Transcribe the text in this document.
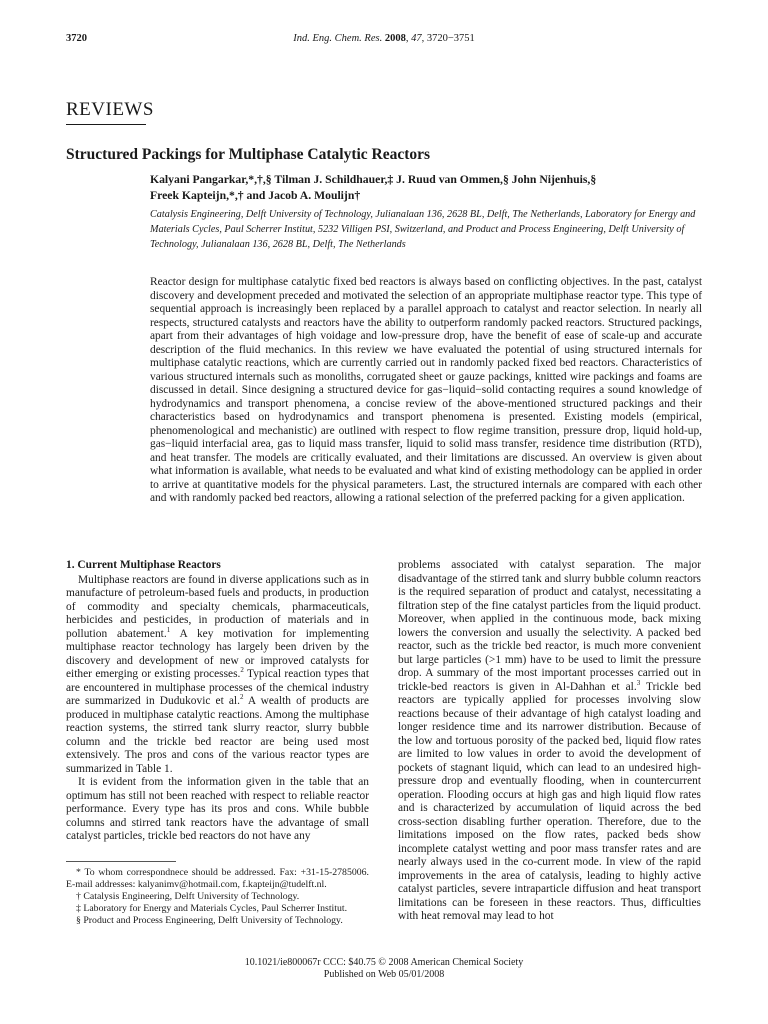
3720	Ind. Eng. Chem. Res. 2008, 47, 3720−3751
REVIEWS
Structured Packings for Multiphase Catalytic Reactors
Kalyani Pangarkar,*,†,§ Tilman J. Schildhauer,‡ J. Ruud van Ommen,§ John Nijenhuis,§
Freek Kapteijn,*,† and Jacob A. Moulijn†
Catalysis Engineering, Delft University of Technology, Julianalaan 136, 2628 BL, Delft, The Netherlands, Laboratory for Energy and Materials Cycles, Paul Scherrer Institut, 5232 Villigen PSI, Switzerland, and Product and Process Engineering, Delft University of Technology, Julianalaan 136, 2628 BL, Delft, The Netherlands
Reactor design for multiphase catalytic fixed bed reactors is always based on conflicting objectives. In the past, catalyst discovery and development preceded and motivated the selection of an appropriate multiphase reactor type. This type of sequential approach is increasingly been replaced by a parallel approach to catalyst and reactor selection. In nearly all respects, structured catalysts and reactors have the ability to outperform randomly packed reactors. Structured packings, apart from their advantages of high voidage and low-pressure drop, have the benefit of ease of scale-up and accurate description of the fluid mechanics. In this review we have evaluated the potential of using structured internals for multiphase catalytic reactions, which are currently carried out in randomly packed fixed bed reactors. Characteristics of various structured internals such as monoliths, corrugated sheet or gauze packings, knitted wire packings and foams are discussed in detail. Since designing a structured device for gas−liquid−solid contacting requires a sound knowledge of hydrodynamics and transport phenomena, a concise review of the above-mentioned structured packings and their characteristics based on hydrodynamics and transport phenomena is presented. Existing models (empirical, phenomenological and mechanistic) are outlined with respect to flow regime transition, pressure drop, liquid hold-up, gas−liquid interfacial area, gas to liquid mass transfer, liquid to solid mass transfer, residence time distribution (RTD), and heat transfer. The models are critically evaluated, and their limitations are discussed. An overview is given about what information is available, what needs to be evaluated and what kind of existing methodology can be applied in order to arrive at quantitative models for the physical parameters. Last, the structured internals are compared with each other and with randomly packed bed reactors, allowing a rational selection of the preferred packing for a given application.
1. Current Multiphase Reactors

Multiphase reactors are found in diverse applications such as in manufacture of petroleum-based fuels and products, in production of commodity and specialty chemicals, pharmaceuticals, herbicides and pesticides, in production of materials and in pollution abatement.$^1$ A key motivation for implementing multiphase reactor technology has largely been driven by the discovery and development of new or improved catalysts for either emerging or existing processes.$^2$ Typical reaction types that are encountered in multiphase processes of the chemical industry are summarized in Dudukovic et al.$^2$ A wealth of products are produced in multiphase catalytic reactions. Among the multiphase reaction systems, the stirred tank slurry reactor, slurry bubble column and the trickle bed reactor are being used most extensively. The pros and cons of the various reactor types are summarized in Table 1.

It is evident from the information given in the table that an optimum has still not been reached with respect to reliable reactor performance. Every type has its pros and cons. While bubble columns and stirred tank reactors have the advantage of small catalyst particles, trickle bed reactors do not have any

* To whom correspondnece should be addressed. Fax: +31-15-2785006. E-mail addresses: kalyanimv@hotmail.com, f.kapteijn@tudelft.nl.

† Catalysis Engineering, Delft University of Technology.

‡ Laboratory for Energy and Materials Cycles, Paul Scherrer Institut.

§ Product and Process Engineering, Delft University of Technology.

problems associated with catalyst separation. The major disadvantage of the stirred tank and slurry bubble column reactors is the required separation of product and catalyst, necessitating a filtration step of the fine catalyst particles from the liquid product. Moreover, when applied in the continuous mode, back mixing lowers the conversion and usually the selectivity. A packed bed reactor, such as the trickle bed reactor, is much more convenient but large particles (>1 mm) have to be used to limit the pressure drop. A summary of the most important processes carried out in trickle-bed reactors is given in Al-Dahhan et al.$^3$ Trickle bed reactors are typically applied for processes involving slow reactions because of their advantage of high catalyst loading and longer residence time and its narrower distribution. Because of the low and tortuous porosity of the packed bed, liquid flow rates are limited to low values in order to avoid the development of pockets of stagnant liquid, which can lead to an undesired high-pressure drop and eventually flooding, when in countercurrent operation. Flooding occurs at high gas and high liquid flow rates and is characterized by accumulation of liquid across the bed cross-section disabling further operation. Therefore, due to the limitations imposed on the flow rates, packed beds show incomplete catalyst wetting and poor mass transfer rates and are nearly always used in the co-current mode. In view of the rapid improvements in the area of catalysis, leading to highly active catalyst particles, severe intraparticle diffusion and heat transport limitations can be foreseen in these reactors. Thus, difficulties with heat removal may lead to hot

10.1021/ie800067r CCC: $40.75 © 2008 American Chemical Society
Published on Web 05/01/2008
